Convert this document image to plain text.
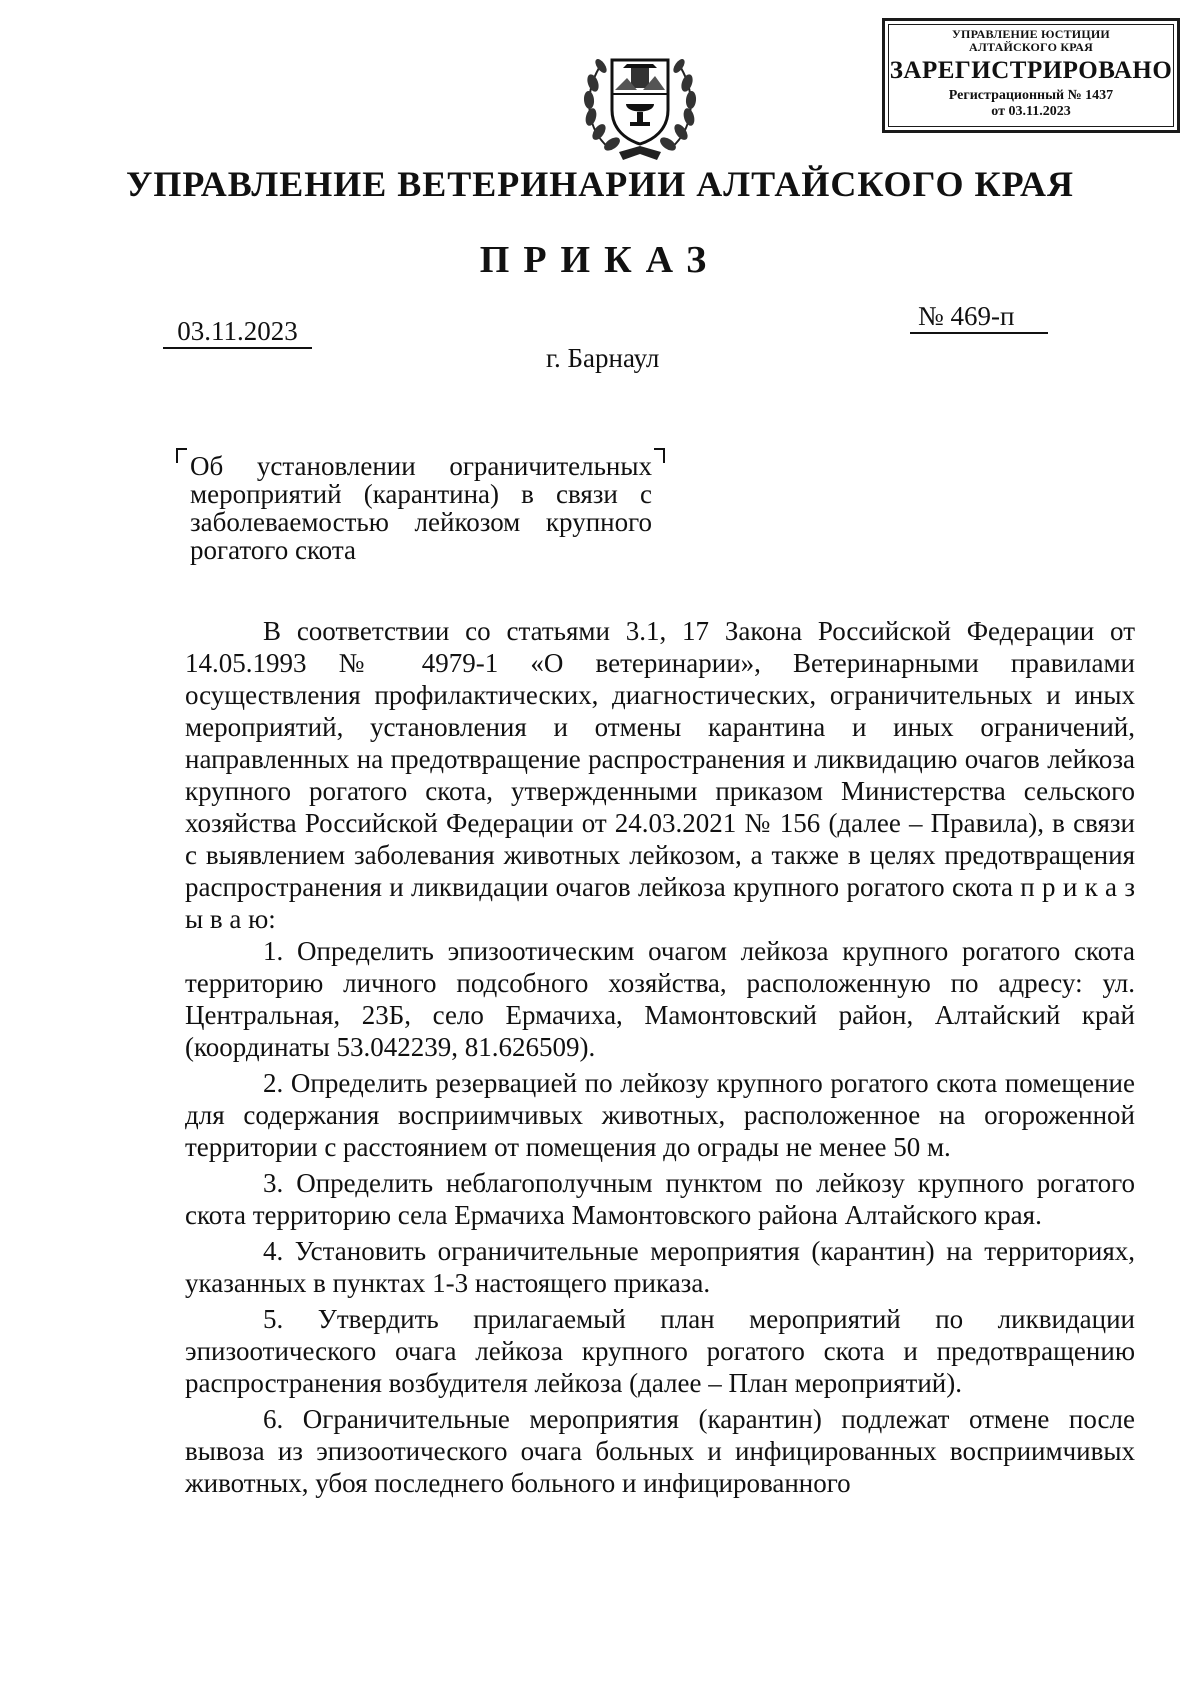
УПРАВЛЕНИЕ ЮСТИЦИИ
АЛТАЙСКОГО КРАЯ
ЗАРЕГИСТРИРОВАНО
Регистрационный № 1437
от 03.11.2023
УПРАВЛЕНИЕ ВЕТЕРИНАРИИ АЛТАЙСКОГО КРАЯ
ПРИКАЗ
03.11.2023	№ 469-п
г. Барнаул

Об установлении ограничительных мероприятий (карантина) в связи с заболеваемостью лейкозом крупного рогатого скота

В соответствии со статьями 3.1, 17 Закона Российской Федерации от 14.05.1993 № 4979-1 «О ветеринарии», Ветеринарными правилами осуществления профилактических, диагностических, ограничительных и иных мероприятий, установления и отмены карантина и иных ограничений, направленных на предотвращение распространения и ликвидацию очагов лейкоза крупного рогатого скота, утвержденными приказом Министерства сельского хозяйства Российской Федерации от 24.03.2021 № 156 (далее – Правила), в связи с выявлением заболевания животных лейкозом, а также в целях предотвращения распространения и ликвидации очагов лейкоза крупного рогатого скота п р и к а з ы в а ю:

1. Определить эпизоотическим очагом лейкоза крупного рогатого скота территорию личного подсобного хозяйства, расположенную по адресу: ул. Центральная, 23Б, село Ермачиха, Мамонтовский район, Алтайский край (координаты 53.042239, 81.626509).

2. Определить резервацией по лейкозу крупного рогатого скота помещение для содержания восприимчивых животных, расположенное на огороженной территории с расстоянием от помещения до ограды не менее 50 м.

3. Определить неблагополучным пунктом по лейкозу крупного рогатого скота территорию села Ермачиха Мамонтовского района Алтайского края.

4. Установить ограничительные мероприятия (карантин) на территориях, указанных в пунктах 1-3 настоящего приказа.

5. Утвердить прилагаемый план мероприятий по ликвидации эпизоотического очага лейкоза крупного рогатого скота и предотвращению распространения возбудителя лейкоза (далее – План мероприятий).

6. Ограничительные мероприятия (карантин) подлежат отмене после вывоза из эпизоотического очага больных и инфицированных восприимчивых животных, убоя последнего больного и инфицированного
